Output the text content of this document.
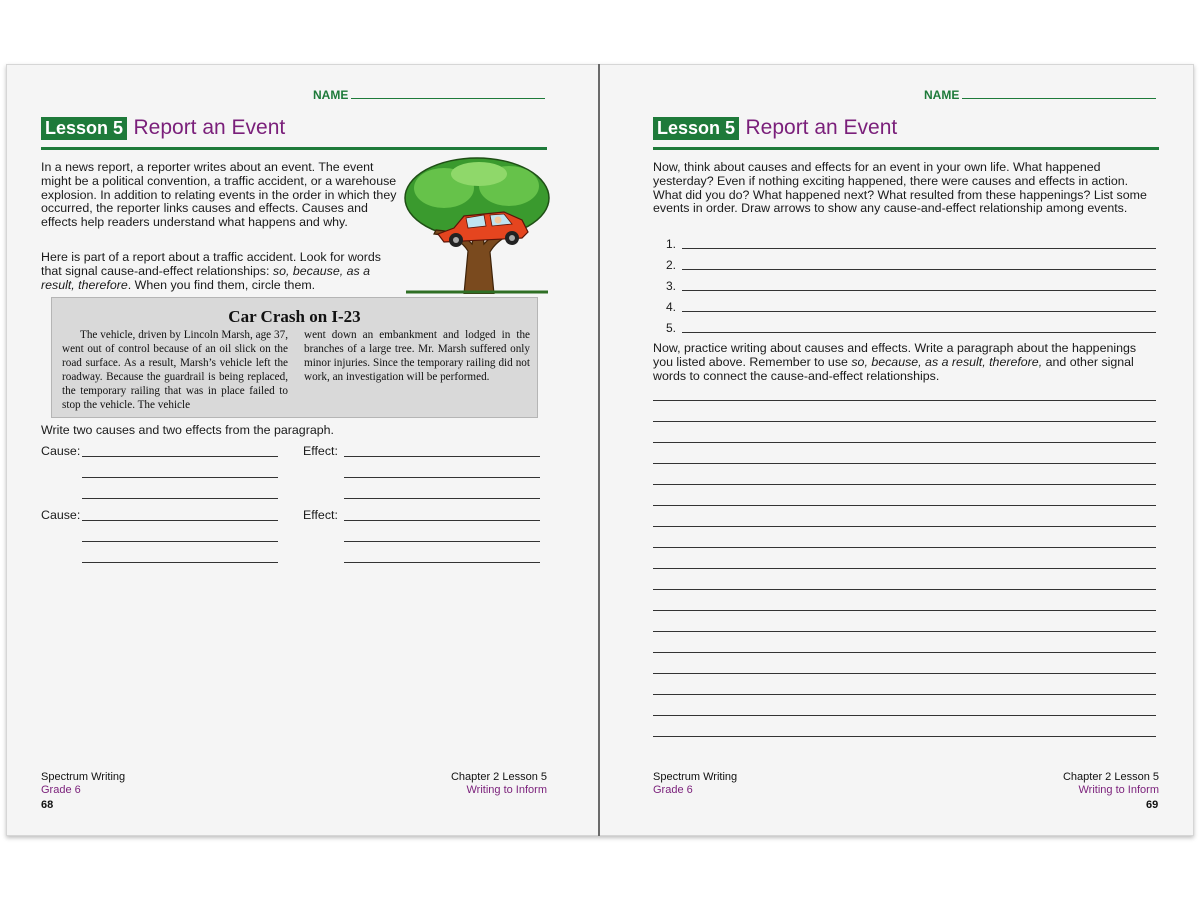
NAME
Lesson 5 Report an Event

In a news report, a reporter writes about an event. The event might be a political convention, a traffic accident, or a warehouse explosion. In addition to relating events in the order in which they occurred, the reporter links causes and effects. Causes and effects help readers understand what happens and why.

Here is part of a report about a traffic accident. Look for words that signal cause-and-effect relationships: so, because, as a result, therefore. When you find them, circle them.

Car Crash on I-23

The vehicle, driven by Lincoln Marsh, age 37, went out of control because of an oil slick on the road surface. As a result, Marsh’s vehicle left the roadway. Because the guardrail is being replaced, the temporary railing that was in place failed to stop the vehicle. The vehicle

went down an embankment and lodged in the branches of a large tree. Mr. Marsh suffered only minor injuries. Since the temporary railing did not work, an investigation will be performed.

Write two causes and two effects from the paragraph.

Cause:	Effect:
Cause:	Effect:
Spectrum Writing
Grade 6
Chapter 2 Lesson 5
Writing to Inform
68
NAME
Lesson 5 Report an Event

Now, think about causes and effects for an event in your own life. What happened yesterday? Even if nothing exciting happened, there were causes and effects in action. What did you do? What happened next? What resulted from these happenings? List some events in order. Draw arrows to show any cause-and-effect relationship among events.

1.
2.
3.
4.
5.

Now, practice writing about causes and effects. Write a paragraph about the happenings you listed above. Remember to use so, because, as a result, therefore, and other signal words to connect the cause-and-effect relationships.

Spectrum Writing
Grade 6
Chapter 2 Lesson 5
Writing to Inform
69
